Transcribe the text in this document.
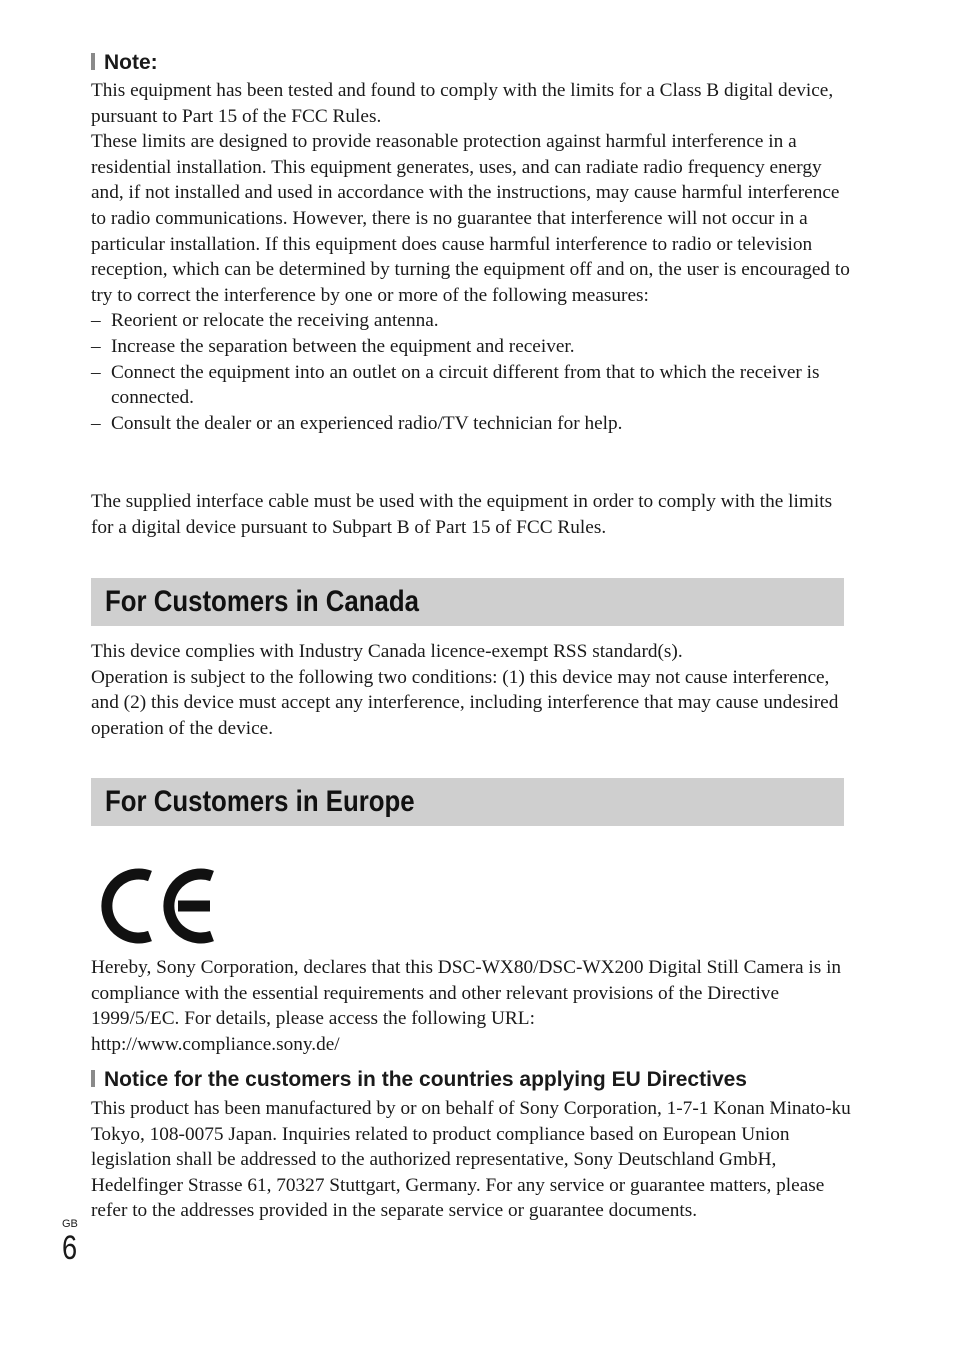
Note:

This equipment has been tested and found to comply with the limits for a Class B digital device, pursuant to Part 15 of the FCC Rules.

These limits are designed to provide reasonable protection against harmful interference in a residential installation. This equipment generates, uses, and can radiate radio frequency energy and, if not installed and used in accordance with the instructions, may cause harmful interference to radio communications. However, there is no guarantee that interference will not occur in a particular installation. If this equipment does cause harmful interference to radio or television reception, which can be determined by turning the equipment off and on, the user is encouraged to try to correct the interference by one or more of the following measures:

– Reorient or relocate the receiving antenna.
– Increase the separation between the equipment and receiver.
– Connect the equipment into an outlet on a circuit different from that to which the receiver is connected.
– Consult the dealer or an experienced radio/TV technician for help.

The supplied interface cable must be used with the equipment in order to comply with the limits for a digital device pursuant to Subpart B of Part 15 of FCC Rules.

For Customers in Canada

This device complies with Industry Canada licence-exempt RSS standard(s).

Operation is subject to the following two conditions: (1) this device may not cause interference, and (2) this device must accept any interference, including interference that may cause undesired operation of the device.

For Customers in Europe

Hereby, Sony Corporation, declares that this DSC-WX80/DSC-WX200 Digital Still Camera is in compliance with the essential requirements and other relevant provisions of the Directive 1999/5/EC. For details, please access the following URL:

http://www.compliance.sony.de/

Notice for the customers in the countries applying EU Directives

This product has been manufactured by or on behalf of Sony Corporation, 1-7-1 Konan Minato-ku Tokyo, 108-0075 Japan. Inquiries related to product compliance based on European Union legislation shall be addressed to the authorized representative, Sony Deutschland GmbH, Hedelfinger Strasse 61, 70327 Stuttgart, Germany. For any service or guarantee matters, please refer to the addresses provided in the separate service or guarantee documents.

GB
6
